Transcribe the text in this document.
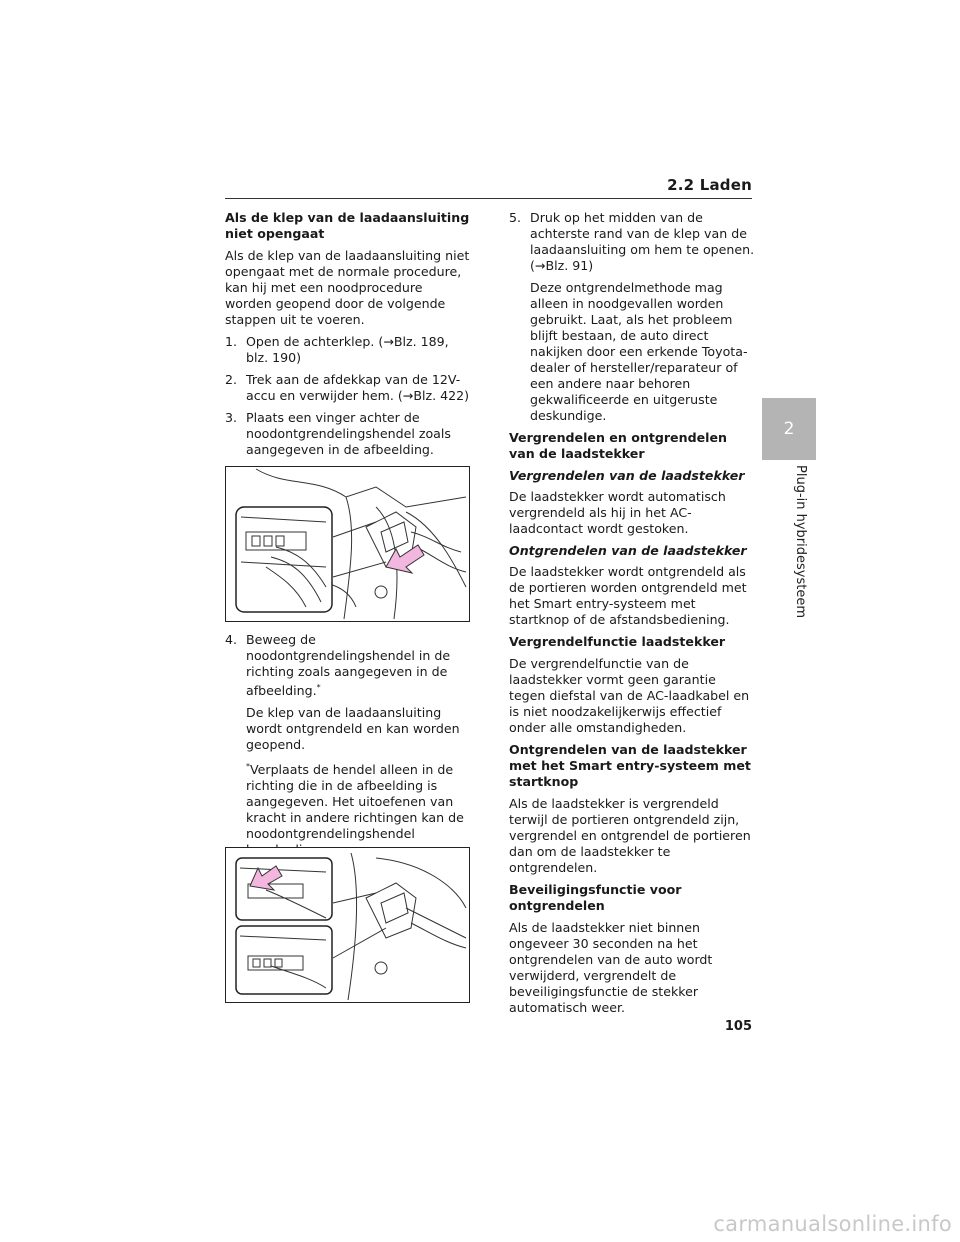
2.2 Laden
2
Plug-in hybridesysteem
Als de klep van de laadaansluiting niet opengaat

Als de klep van de laadaansluiting niet opengaat met de normale procedure, kan hij met een noodprocedure worden geopend door de volgende stappen uit te voeren.

1. Open de achterklep. (→Blz. 189, blz. 190)
2. Trek aan de afdekkap van de 12V-accu en verwijder hem. (→Blz. 422)
3. Plaats een vinger achter de noodontgrendelingshendel zoals aangegeven in de afbeelding.
4. Beweeg de noodontgrendelingshendel in de richting zoals aangegeven in de afbeelding.*

De klep van de laadaansluiting wordt ontgrendeld en kan worden geopend.

*Verplaats de hendel alleen in de richting die in de afbeelding is aangegeven. Het uitoefenen van kracht in andere richtingen kan de noodontgrendelingshendel

5. Druk op het midden van de achterste rand van de klep van de laadaansluiting om hem te openen. (→Blz. 91)

Deze ontgrendelmethode mag alleen in noodgevallen worden gebruikt. Laat, als het probleem blijft bestaan, de auto direct nakijken door een erkende Toyota-dealer of hersteller/reparateur of een andere naar behoren gekwalificeerde en uitgeruste deskundige.

Vergrendelen en ontgrendelen van de laadstekker
Vergrendelen van de laadstekker

De laadstekker wordt automatisch vergrendeld als hij in het AC-laadcontact wordt gestoken.

Ontgrendelen van de laadstekker

De laadstekker wordt ontgrendeld als de portieren worden ontgrendeld met het Smart entry-systeem met startknop of de afstandsbediening.

Vergrendelfunctie laadstekker

De vergrendelfunctie van de laadstekker vormt geen garantie tegen diefstal van de AC-laadkabel en is niet noodzakelijkerwijs effectief onder alle omstandigheden.

Ontgrendelen van de laadstekker met het Smart entry-systeem met startknop

Als de laadstekker is vergrendeld terwijl de portieren ontgrendeld zijn, vergrendel en ontgrendel de portieren dan om de laadstekker te ontgrendelen.

Beveiligingsfunctie voor ontgrendelen

Als de laadstekker niet binnen ongeveer 30 seconden na het ontgrendelen van de auto wordt verwijderd, vergrendelt de beveiligingsfunctie de stekker automatisch weer.

105
carmanualsonline.info
